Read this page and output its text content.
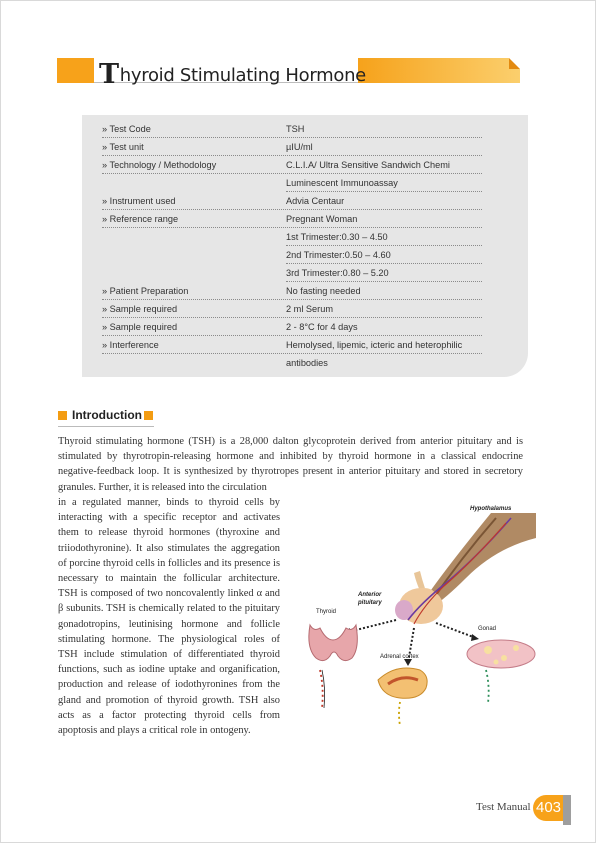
Thyroid Stimulating Hormone
» Test Code	TSH
» Test unit	µIU/ml
» Technology / Methodology	C.L.I.A/ Ultra Sensitive Sandwich Chemi
Luminescent Immunoassay
» Instrument used	Advia Centaur
» Reference range	Pregnant Woman
1st Trimester:0.30 – 4.50
2nd Trimester:0.50 – 4.60
3rd Trimester:0.80 – 5.20
» Patient Preparation	No fasting needed
» Sample required	2 ml Serum
» Sample required	2 - 8°C for 4 days
» Interference	Hemolysed, lipemic, icteric and heterophilic
antibodies
Introduction
Thyroid stimulating hormone (TSH) is a 28,000 dalton glycoprotein derived from anterior pituitary and is stimulated by thyrotropin-releasing hormone and inhibited by thyroid hormone in a classical endocrine negative-feedback loop. It is synthesized by thyrotropes present in anterior pituitary and stored in secretory granules. Further, it is released into the circulation
in a regulated manner, binds to thyroid cells by interacting with a specific receptor and activates them to release thyroid hormones (thyroxine and triiodothyronine). It also stimulates the aggregation of porcine thyroid cells in follicles and its presence is necessary to maintain the follicular architecture. TSH is composed of two noncovalently linked α and β subunits. TSH is chemically related to the pituitary gonadotropins, leutinising hormone and follicle stimulating hormone. The physiological roles of TSH include stimulation of differentiated thyroid functions, such as iodine uptake and organification, production and release of iodothyronines from the gland and promotion of thyroid growth. TSH also acts as a factor protecting thyroid cells from apoptosis and plays a critical role in ontogeny.
Hypothalamus
Anterior
pituitary
Thyroid
Gonad
Adrenal cortex
Test Manual 403
